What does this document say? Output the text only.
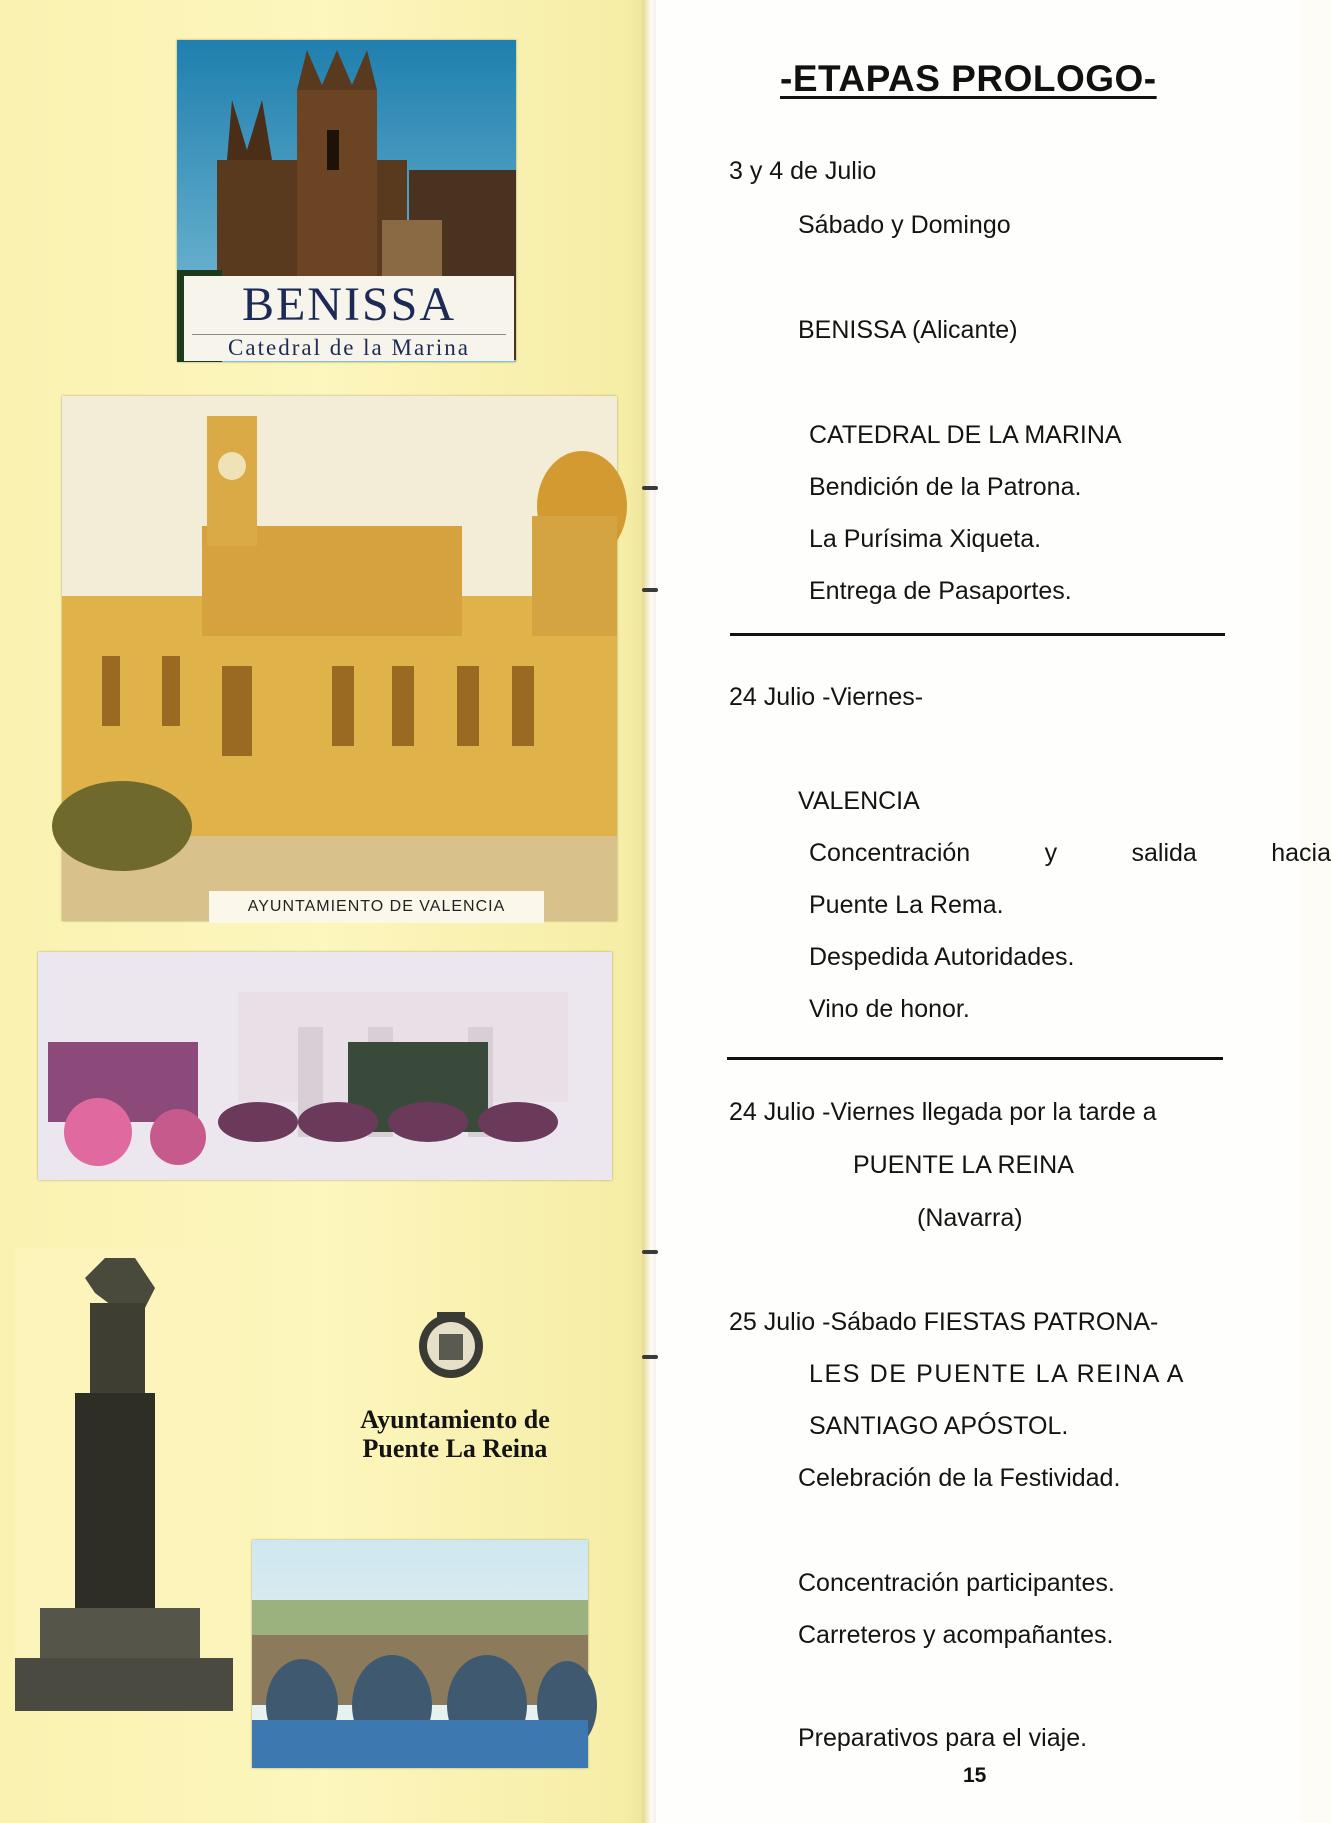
BENISSA
Catedral de la Marina
AYUNTAMIENTO DE VALENCIA
Ayuntamiento de
Puente La Reina
-ETAPAS PROLOGO-
3 y 4 de Julio
Sábado y Domingo
BENISSA (Alicante)
CATEDRAL DE LA MARINA
Bendición de la Patrona.
La Purísima Xiqueta.
Entrega de Pasaportes.
24 Julio -Viernes-
VALENCIA
Concentración	y	salida	hacia
Puente La Rema.
Despedida Autoridades.
Vino de honor.
24 Julio -Viernes llegada por la tarde a
PUENTE LA REINA
(Navarra)
25 Julio -Sábado FIESTAS PATRONA-
LES DE PUENTE LA REINA A
SANTIAGO APÓSTOL.
Celebración de la Festividad.
Concentración participantes.
Carreteros y acompañantes.
Preparativos para el viaje.
15
